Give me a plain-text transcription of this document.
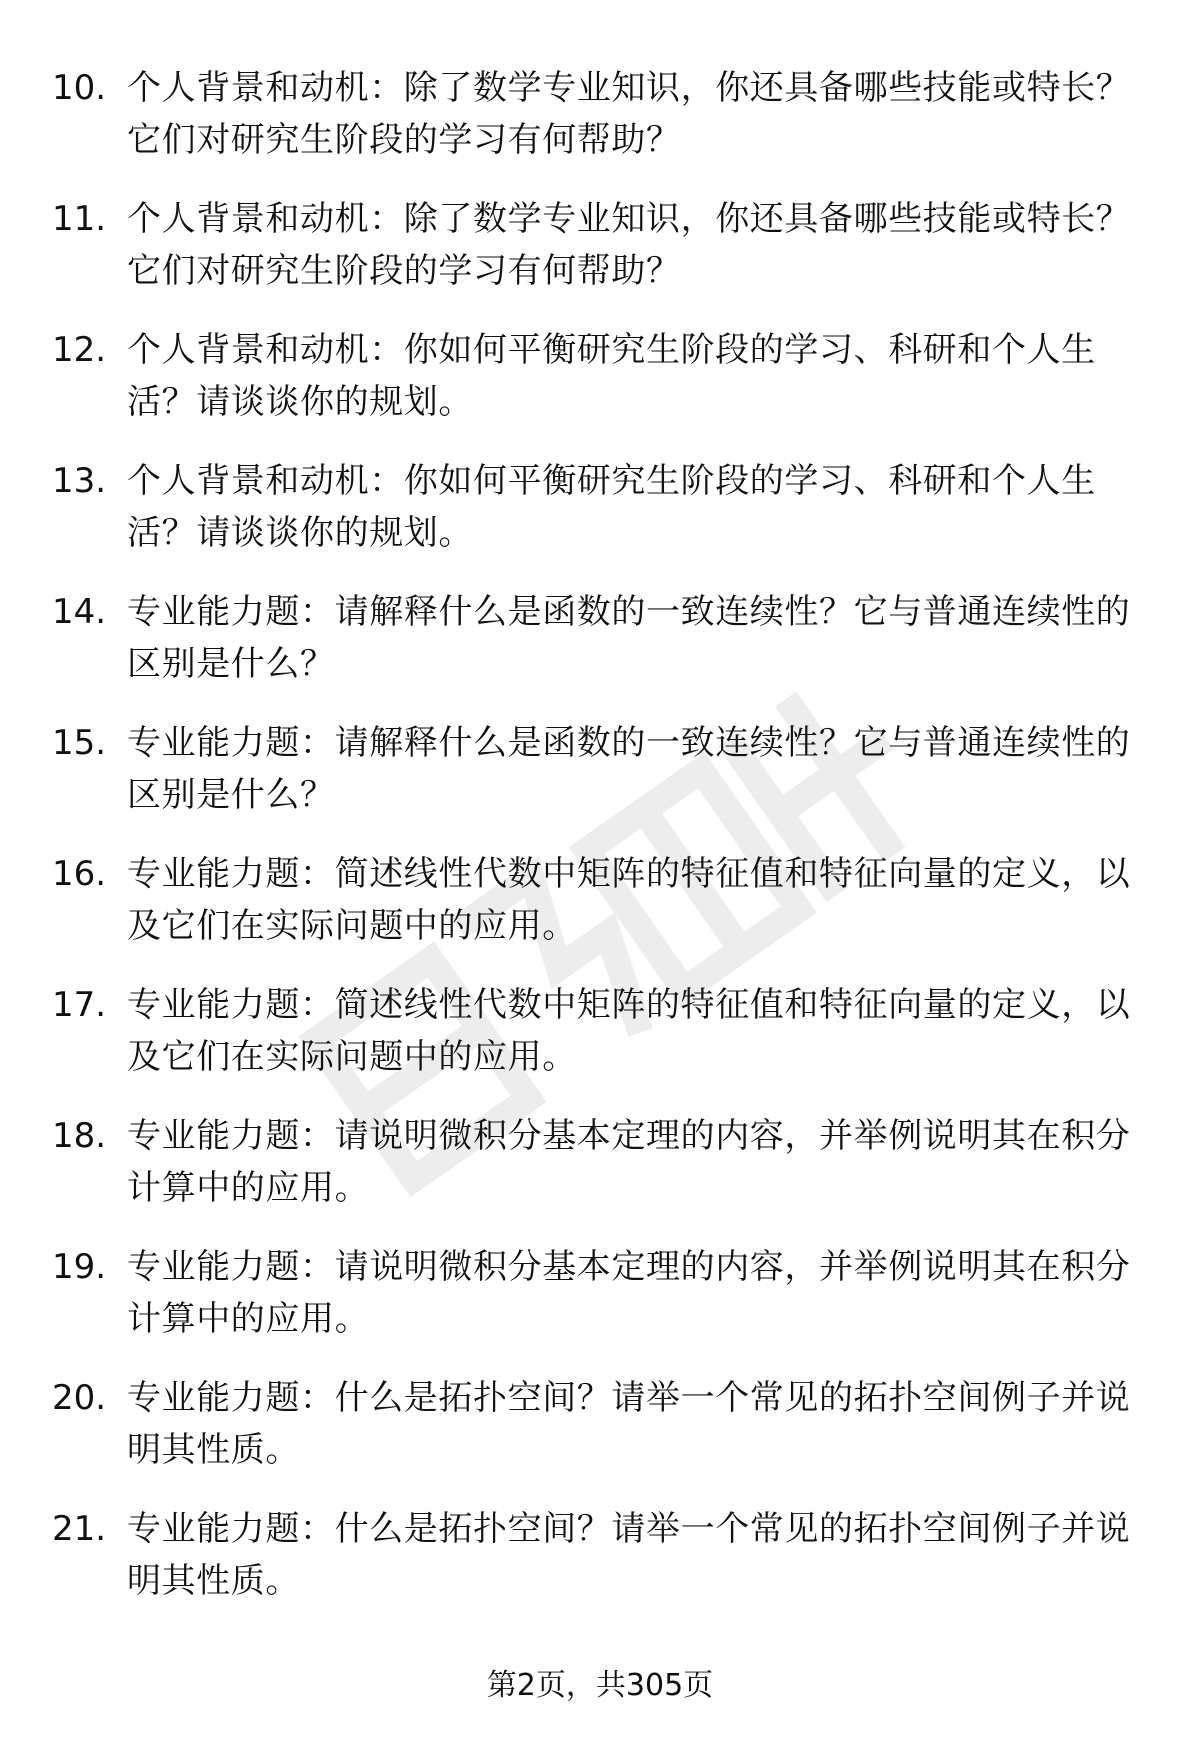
10. 个人背景和动机：除了数学专业知识，你还具备哪些技能或特长？它们对研究生阶段的学习有何帮助？
11. 个人背景和动机：除了数学专业知识，你还具备哪些技能或特长？它们对研究生阶段的学习有何帮助？
12. 个人背景和动机：你如何平衡研究生阶段的学习、科研和个人生活？请谈谈你的规划。
13. 个人背景和动机：你如何平衡研究生阶段的学习、科研和个人生活？请谈谈你的规划。
14. 专业能力题：请解释什么是函数的一致连续性？它与普通连续性的区别是什么？
15. 专业能力题：请解释什么是函数的一致连续性？它与普通连续性的区别是什么？
16. 专业能力题：简述线性代数中矩阵的特征值和特征向量的定义，以及它们在实际问题中的应用。
17. 专业能力题：简述线性代数中矩阵的特征值和特征向量的定义，以及它们在实际问题中的应用。
18. 专业能力题：请说明微积分基本定理的内容，并举例说明其在积分计算中的应用。
19. 专业能力题：请说明微积分基本定理的内容，并举例说明其在积分计算中的应用。
20. 专业能力题：什么是拓扑空间？请举一个常见的拓扑空间例子并说明其性质。
21. 专业能力题：什么是拓扑空间？请举一个常见的拓扑空间例子并说明其性质。
第2页，共305页
